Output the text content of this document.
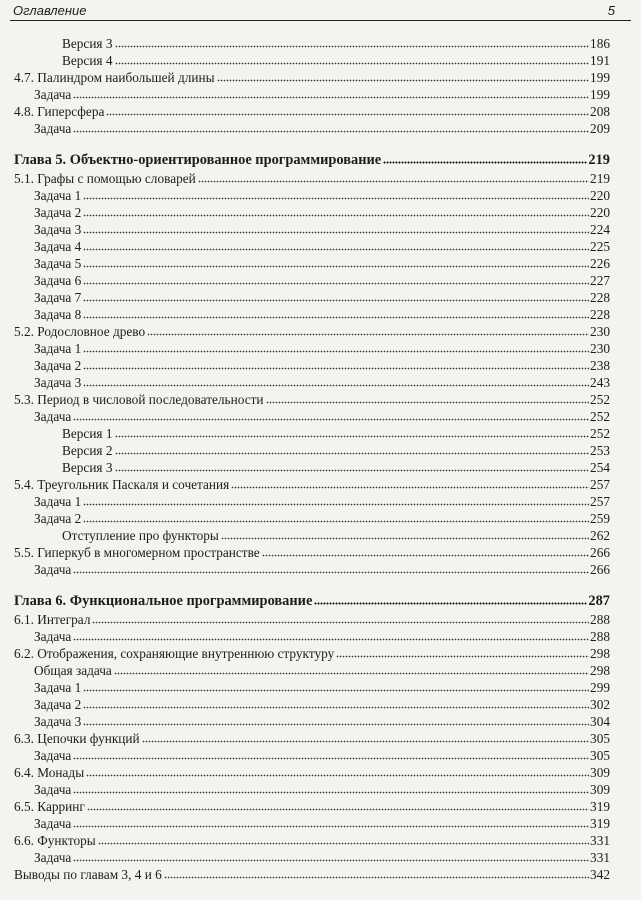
Оглавление	5
Версия 3	186
Версия 4	191
4.7. Палиндром наибольшей длины	199
Задача	199
4.8. Гиперсфера	208
Задача	209
Глава 5. Объектно-ориентированное программирование	219
5.1. Графы с помощью словарей	219
Задача 1	220
Задача 2	220
Задача 3	224
Задача 4	225
Задача 5	226
Задача 6	227
Задача 7	228
Задача 8	228
5.2. Родословное древо	230
Задача 1	230
Задача 2	238
Задача 3	243
5.3. Период в числовой последовательности	252
Задача	252
Версия 1	252
Версия 2	253
Версия 3	254
5.4. Треугольник Паскаля и сочетания	257
Задача 1	257
Задача 2	259
Отступление про функторы	262
5.5. Гиперкуб в многомерном пространстве	266
Задача	266
Глава 6. Функциональное программирование	287
6.1. Интеграл	288
Задача	288
6.2. Отображения, сохраняющие внутреннюю структуру	298
Общая задача	298
Задача 1	299
Задача 2	302
Задача 3	304
6.3. Цепочки функций	305
Задача	305
6.4. Монады	309
Задача	309
6.5. Карринг	319
Задача	319
6.6. Функторы	331
Задача	331
Выводы по главам 3, 4 и 6	342
